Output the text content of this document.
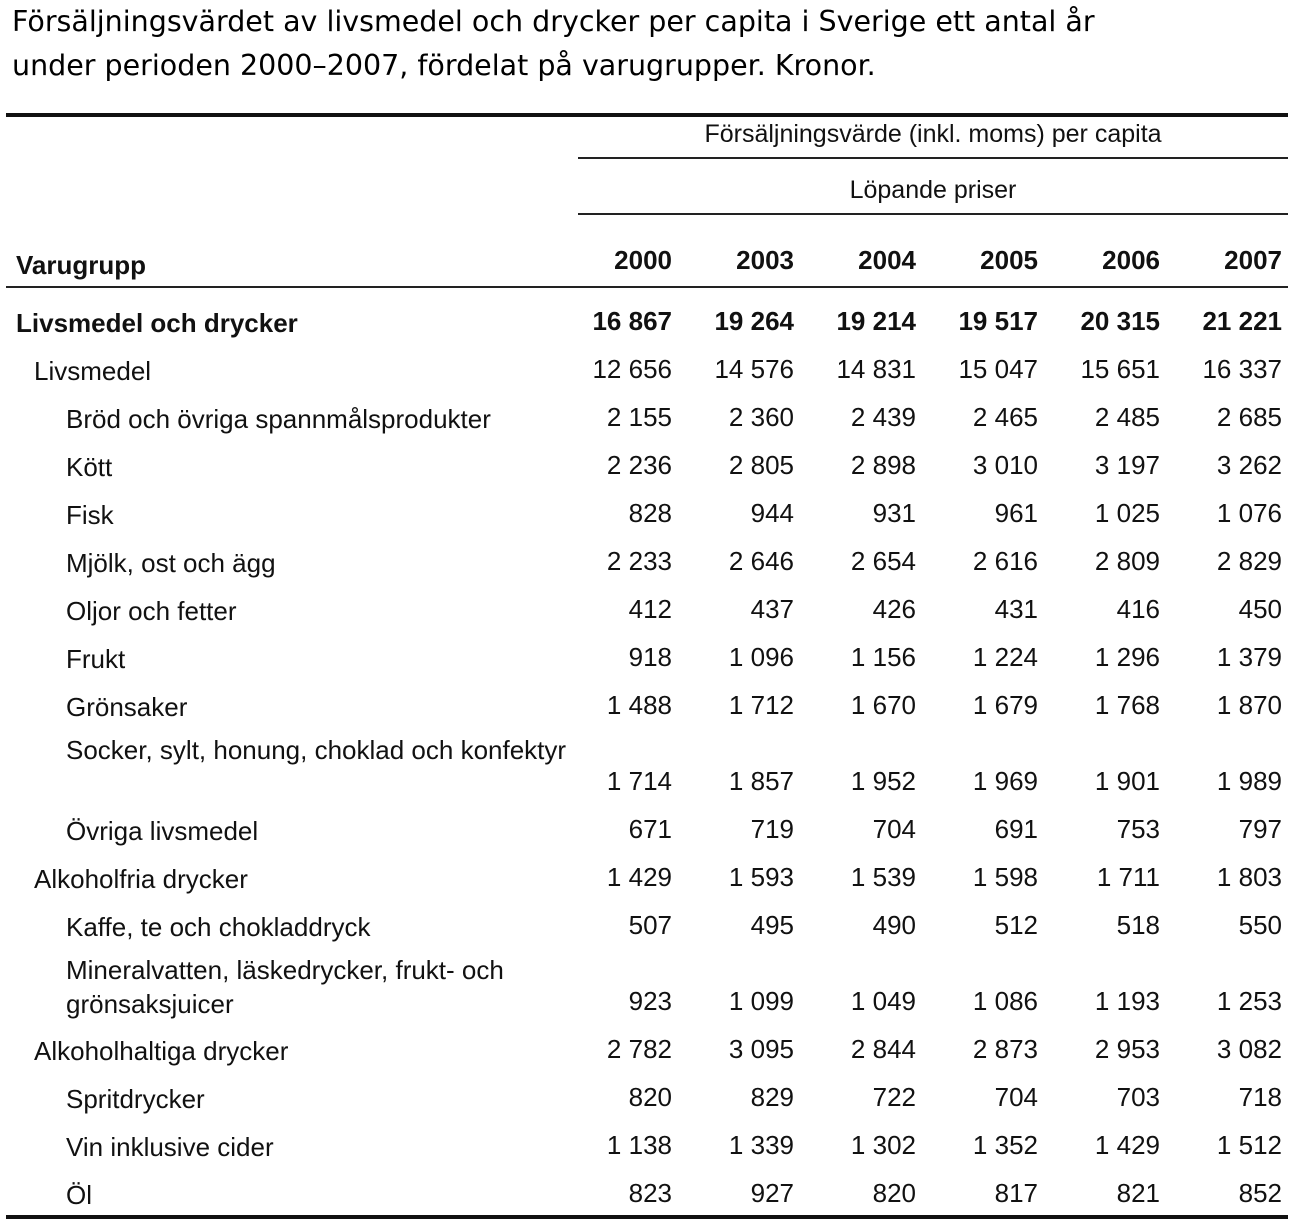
Försäljningsvärdet av livsmedel och drycker per capita i Sverige ett antal år
under perioden 2000–2007, fördelat på varugrupper. Kronor.
Försäljningsvärde (inkl. moms) per capita
Löpande priser
Varugrupp	2000	2003	2004	2005	2006	2007
Livsmedel och drycker	16 867	19 264	19 214	19 517	20 315	21 221
Livsmedel	12 656	14 576	14 831	15 047	15 651	16 337
Bröd och övriga spannmålsprodukter	2 155	2 360	2 439	2 465	2 485	2 685
Kött	2 236	2 805	2 898	3 010	3 197	3 262
Fisk	828	944	931	961	1 025	1 076
Mjölk, ost och ägg	2 233	2 646	2 654	2 616	2 809	2 829
Oljor och fetter	412	437	426	431	416	450
Frukt	918	1 096	1 156	1 224	1 296	1 379
Grönsaker	1 488	1 712	1 670	1 679	1 768	1 870
Socker, sylt, honung, choklad och konfektyr
1 714	1 857	1 952	1 969	1 901	1 989
Övriga livsmedel	671	719	704	691	753	797
Alkoholfria drycker	1 429	1 593	1 539	1 598	1 711	1 803
Kaffe, te och chokladdryck	507	495	490	512	518	550
Mineralvatten, läskedrycker, frukt- och grönsaksjuicer	923	1 099	1 049	1 086	1 193	1 253
Alkoholhaltiga drycker	2 782	3 095	2 844	2 873	2 953	3 082
Spritdrycker	820	829	722	704	703	718
Vin inklusive cider	1 138	1 339	1 302	1 352	1 429	1 512
Öl	823	927	820	817	821	852
